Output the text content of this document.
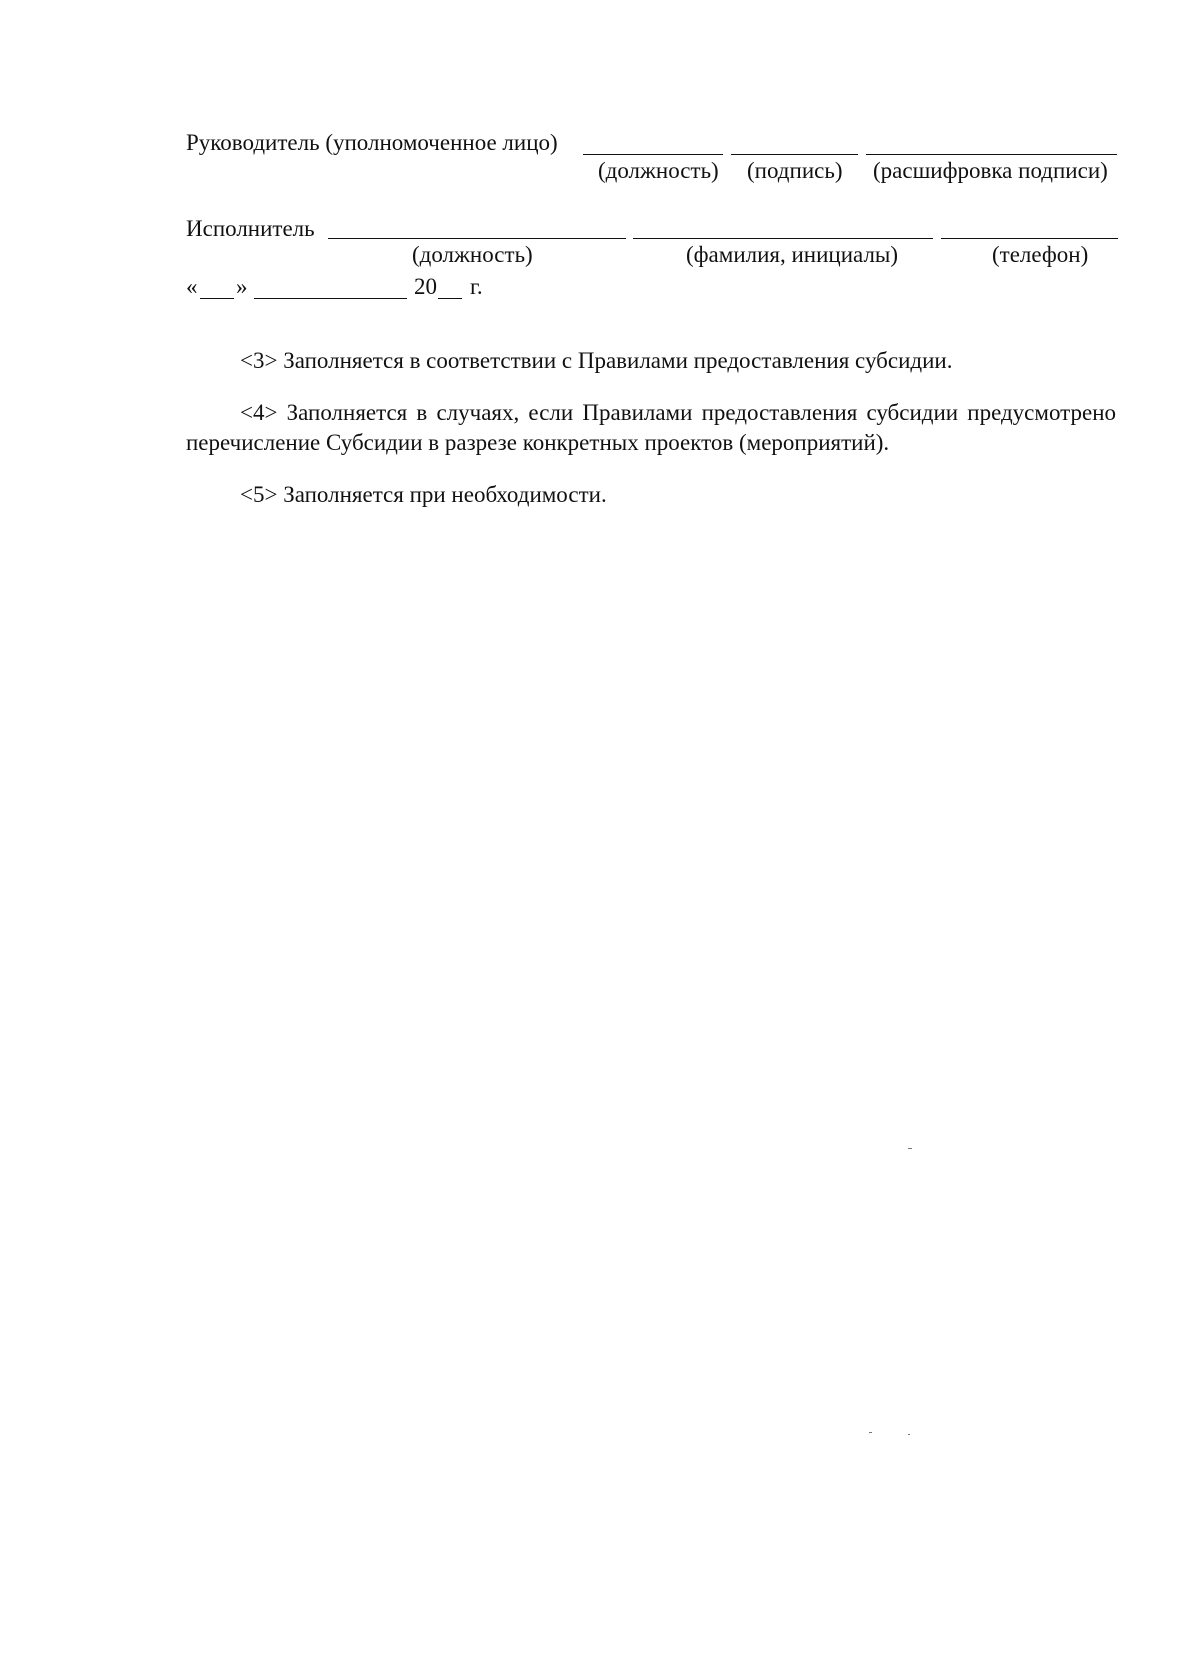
Руководитель (уполномоченное лицо)
(должность) (подпись) (расшифровка подписи)
Исполнитель
(должность)	(фамилия, инициалы)	(телефон)
« »	20 г.

<3> Заполняется в соответствии с Правилами предоставления субсидии.

<4> Заполняется в случаях, если Правилами предоставления субсидии предусмотрено перечисление Субсидии в разрезе конкретных проектов (мероприятий).

<5> Заполняется при необходимости.
